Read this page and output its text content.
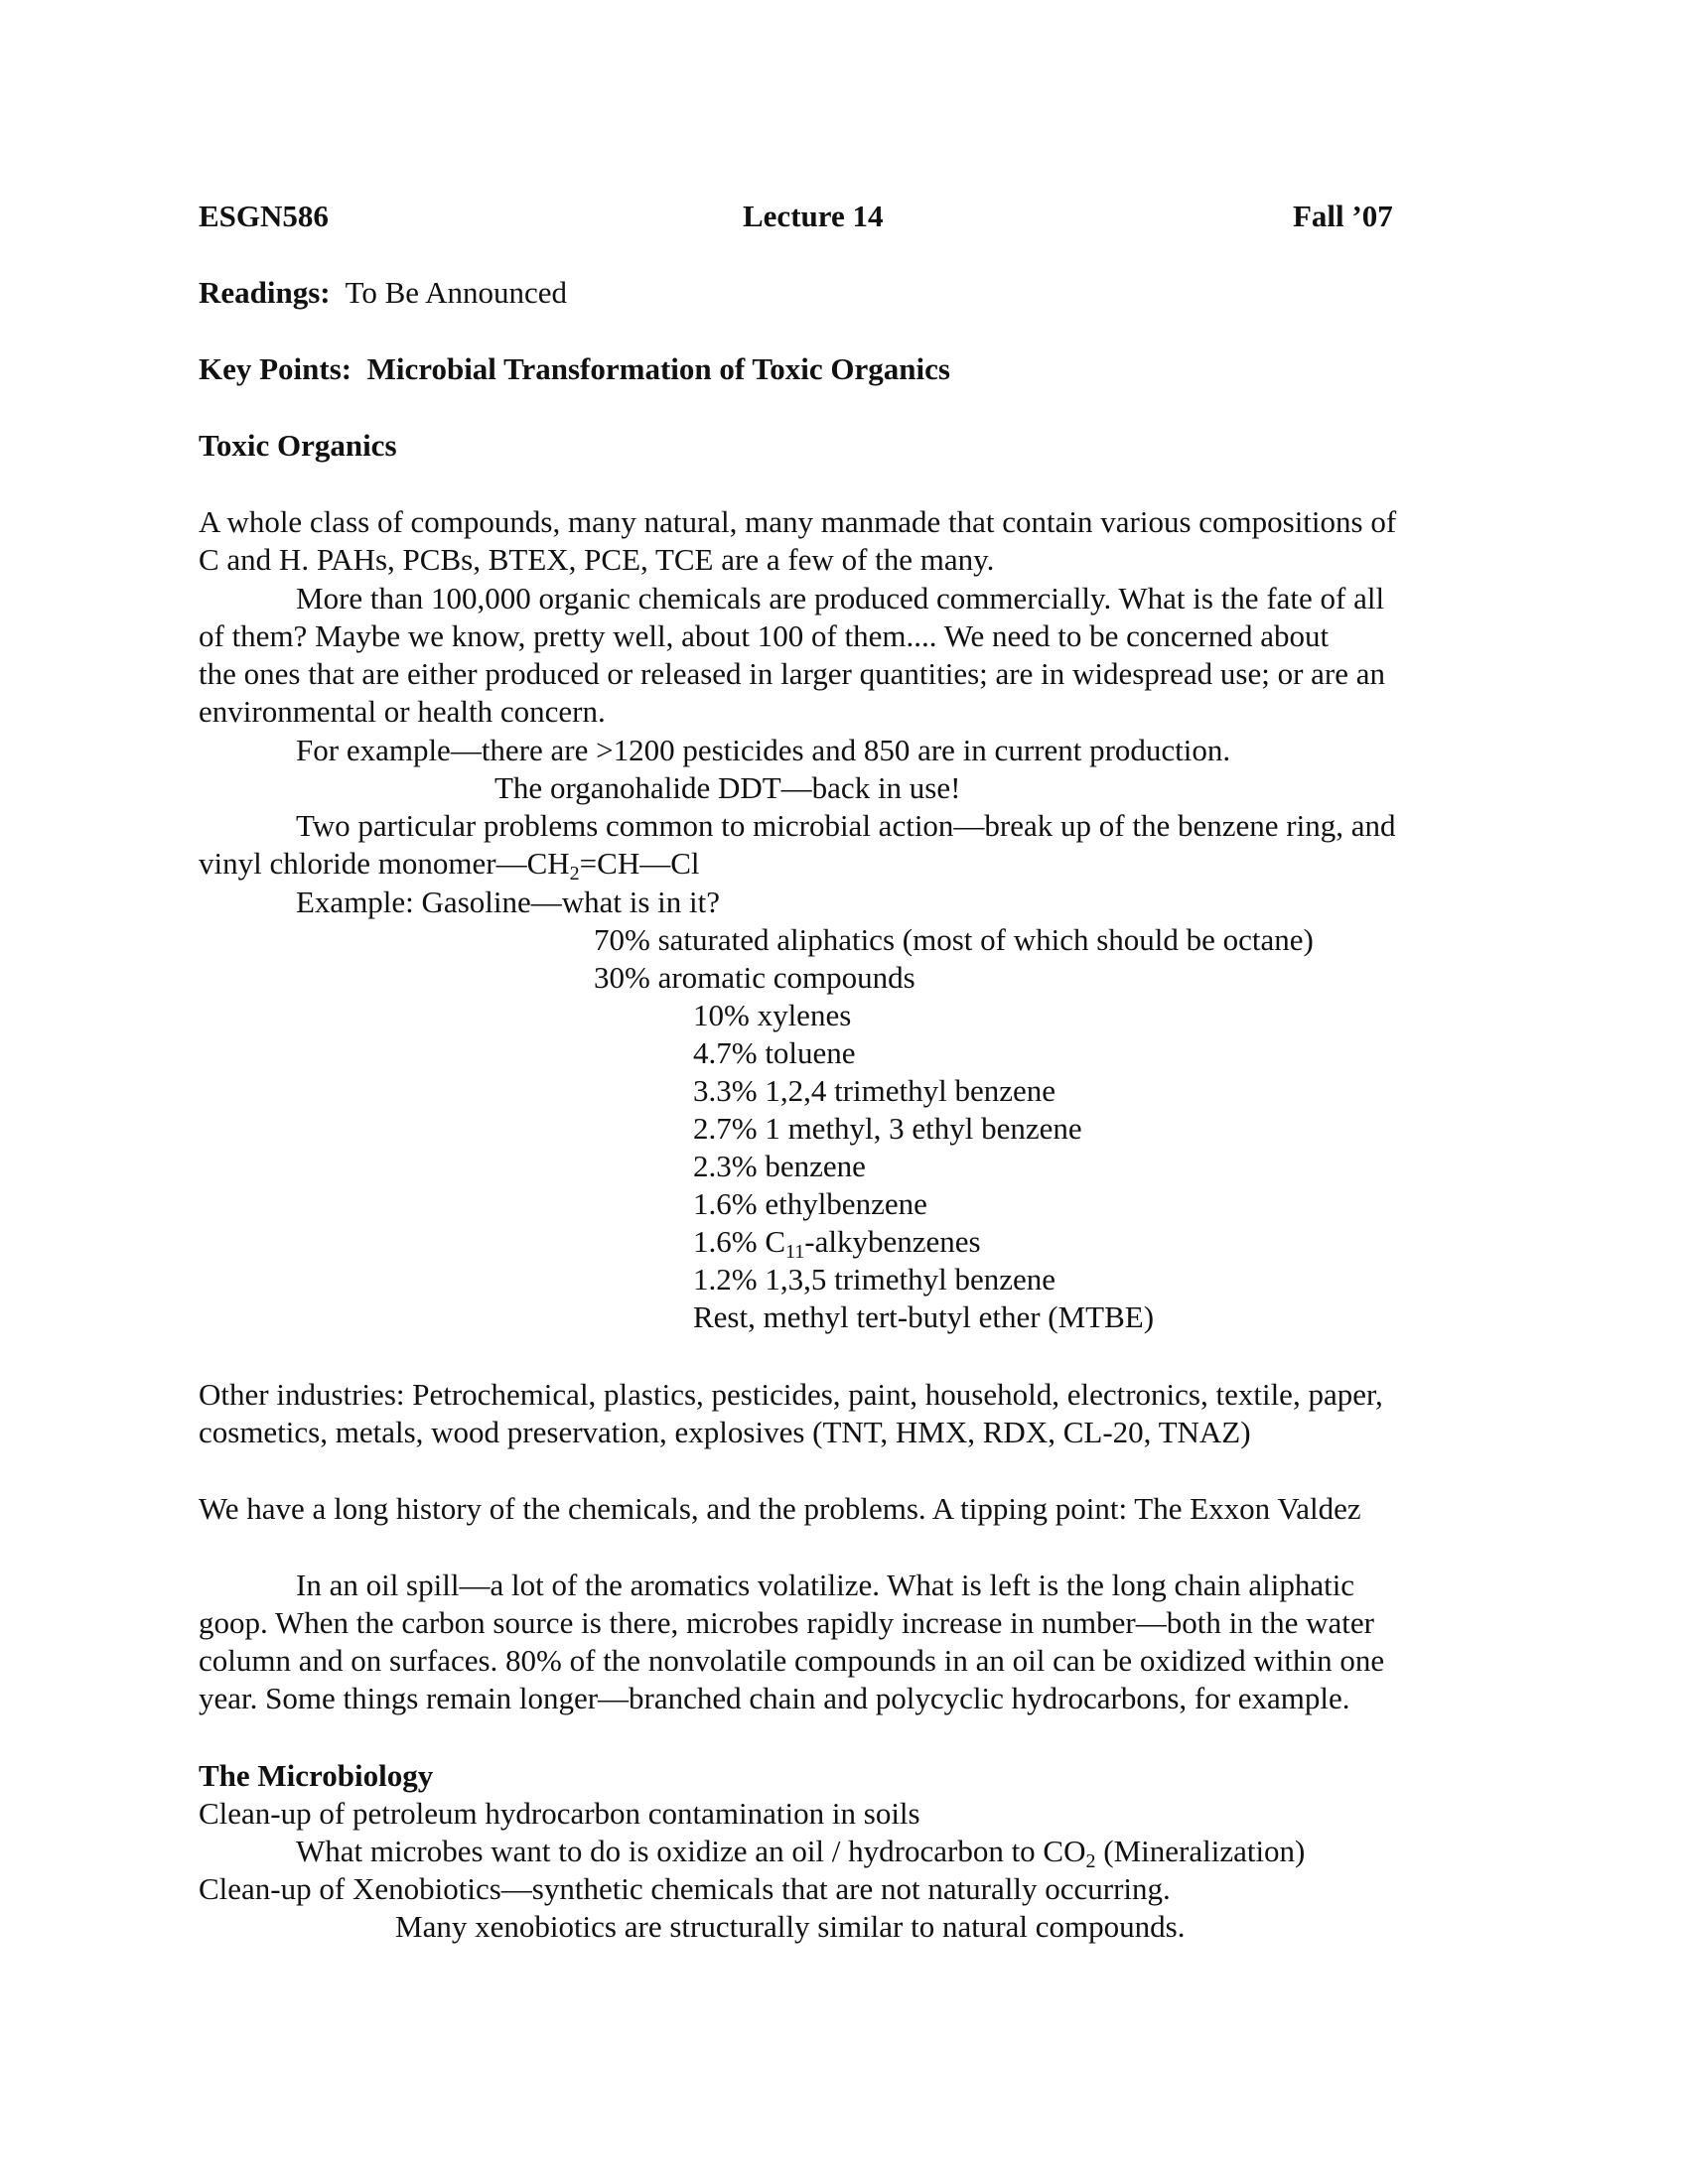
ESGN586	Lecture 14	Fall ’07
Readings: To Be Announced
Key Points: Microbial Transformation of Toxic Organics
Toxic Organics
A whole class of compounds, many natural, many manmade that contain various compositions of
C and H. PAHs, PCBs, BTEX, PCE, TCE are a few of the many.
More than 100,000 organic chemicals are produced commercially. What is the fate of all
of them? Maybe we know, pretty well, about 100 of them.... We need to be concerned about
the ones that are either produced or released in larger quantities; are in widespread use; or are an
environmental or health concern.
For example—there are >1200 pesticides and 850 are in current production.
The organohalide DDT—back in use!
Two particular problems common to microbial action—break up of the benzene ring, and
vinyl chloride $monomer—CH_2=CH—Cl$
Example: Gasoline—what is in it?
70% saturated aliphatics (most of which should be octane)
30% aromatic compounds
10% xylenes
4.7% toluene
3.3% 1,2,4 trimethyl benzene
2.7% 1 methyl, 3 ethyl benzene
2.3% benzene
1.6% ethylbenzene
1.6% $C_{11}$-alkybenzenes
1.2% 1,3,5 trimethyl benzene
Rest, methyl tert-butyl ether (MTBE)
Other industries: Petrochemical, plastics, pesticides, paint, household, electronics, textile, paper,
cosmetics, metals, wood preservation, explosives (TNT, HMX, RDX, CL-20, TNAZ)
We have a long history of the chemicals, and the problems. A tipping point: The Exxon Valdez
In an oil spill—a lot of the aromatics volatilize. What is left is the long chain aliphatic
goop. When the carbon source is there, microbes rapidly increase in number—both in the water
column and on surfaces. 80% of the nonvolatile compounds in an oil can be oxidized within one
year. Some things remain longer—branched chain and polycyclic hydrocarbons, for example.
The Microbiology
Clean-up of petroleum hydrocarbon contamination in soils
What microbes want to do is oxidize an oil / hydrocarbon to $CO_2$ (Mineralization)
Clean-up of Xenobiotics—synthetic chemicals that are not naturally occurring.
Many xenobiotics are structurally similar to natural compounds.
